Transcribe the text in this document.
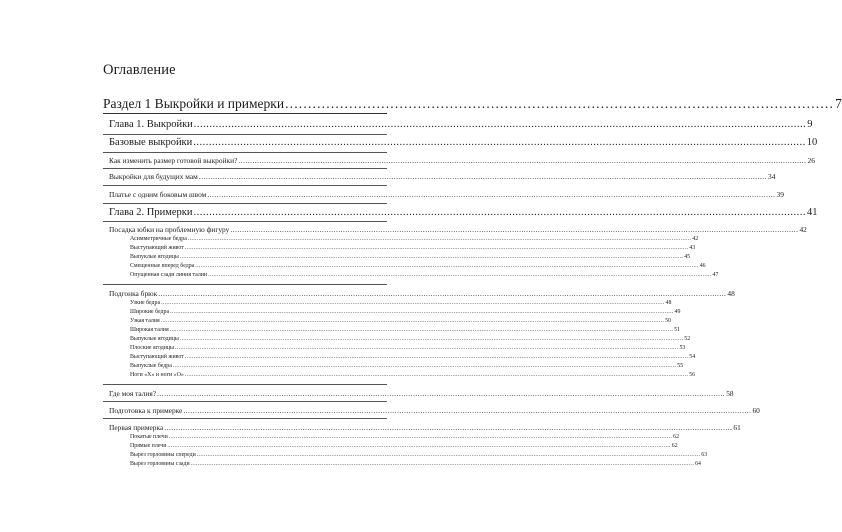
Оглавление
Раздел 1 Выкройки и примерки ........................................................................................................................ 7
Глава 1. Выкройки .................................................................................................................................................................................................... 9
Базовые выкройки .................................................................................................................................................................................................... 10
Как изменить размер готовой выкройки? .................................................................................................................................................................................................................................................. 26
Выкройки для будущих мам .................................................................................................................................................................................................................................................. 34
Платье с одним боковым швом .................................................................................................................................................................................................................................................. 39
Глава 2. Примерки .................................................................................................................................................................................................... 41
Посадка юбки на проблемную фигуру .................................................................................................................................................................................................................................................. 42
Асимметричные бедра ............................................................................................................................................................................................................................................................................................ 42
Выступающий живот ............................................................................................................................................................................................................................................................................................ 43
Выпуклые ягодицы ............................................................................................................................................................................................................................................................................................ 45
Смещенные вперед бедра ............................................................................................................................................................................................................................................................................................ 46
Опущенная сзади линия талии ............................................................................................................................................................................................................................................................................................ 47
Подгонка брюк .................................................................................................................................................................................................................................................. 48
Узкие бедра ............................................................................................................................................................................................................................................................................................ 48
Широкие бедра ............................................................................................................................................................................................................................................................................................ 49
Узкая талия ............................................................................................................................................................................................................................................................................................ 50
Широкая талия ............................................................................................................................................................................................................................................................................................ 51
Выпуклые ягодицы ............................................................................................................................................................................................................................................................................................ 52
Плоские ягодицы ............................................................................................................................................................................................................................................................................................ 53
Выступающий живот ............................................................................................................................................................................................................................................................................................ 54
Выпуклые бедра ............................................................................................................................................................................................................................................................................................ 55
Ноги «Х» и ноги «О» ............................................................................................................................................................................................................................................................................................ 56
Где моя талия? .................................................................................................................................................................................................................................................. 58
Подготовка к примерке .................................................................................................................................................................................................................................................. 60
Первая примерка .................................................................................................................................................................................................................................................. 61
Покатые плечи ............................................................................................................................................................................................................................................................................................ 62
Прямые плечи ............................................................................................................................................................................................................................................................................................ 62
Вырез горловины спереди ............................................................................................................................................................................................................................................................................................ 63
Вырез горловины сзади ............................................................................................................................................................................................................................................................................................ 64
